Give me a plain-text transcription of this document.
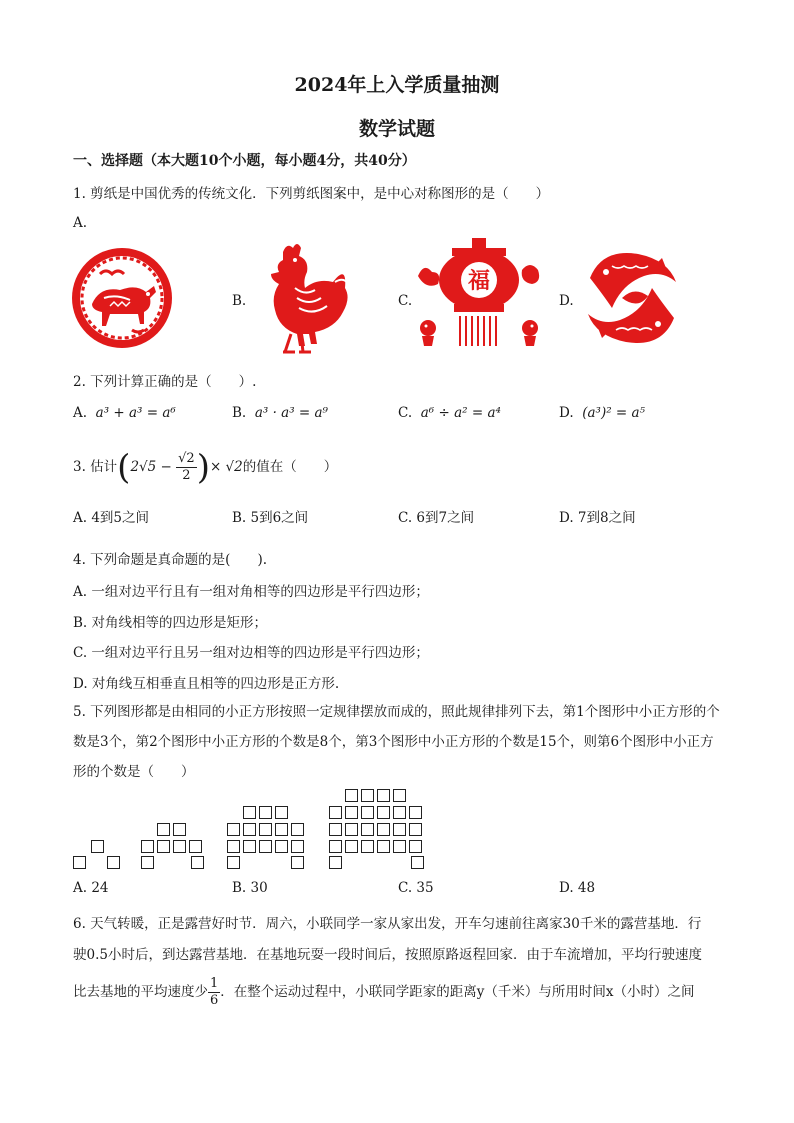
2024年上入学质量抽测
数学试题
一、选择题（本大题10个小题，每小题4分，共40分）
1. 剪纸是中国优秀的传统文化．下列剪纸图案中，是中心对称图形的是（　　）
A.
B.	C.
福
D.
2. 下列计算正确的是（　　）.
A. a³ + a³ = a⁶	B. a³ · a³ = a⁹	C. a⁶ ÷ a² = a⁴	D. (a³)² = a⁵
3. 估计($2√5 - \frac{√2}{2}$ )× √2的值在（　　）
A. 4到5之间	B. 5到6之间	C. 6到7之间	D. 7到8之间
4. 下列命题是真命题的是(　　).
A. 一组对边平行且有一组对角相等的四边形是平行四边形；
B. 对角线相等的四边形是矩形；
C. 一组对边平行且另一组对边相等的四边形是平行四边形；
D. 对角线互相垂直且相等的四边形是正方形.
5. 下列图形都是由相同的小正方形按照一定规律摆放而成的，照此规律排列下去，第1个图形中小正方形的个数是3个，第2个图形中小正方形的个数是8个，第3个图形中小正方形的个数是15个，则第6个图形中小正方形的个数是（　　）
A. 24	B. 30	C. 35	D. 48
6. 天气转暖，正是露营好时节．周六，小联同学一家从家出发，开车匀速前往离家30千米的露营基地．行
驶0.5小时后，到达露营基地．在基地玩耍一段时间后，按照原路返程回家．由于车流增加，平均行驶速度
比去基地的平均速度少 $\frac{1}{6}$ ．在整个运动过程中，小联同学距家的距离y（千米）与所用时间x（小时）之间
